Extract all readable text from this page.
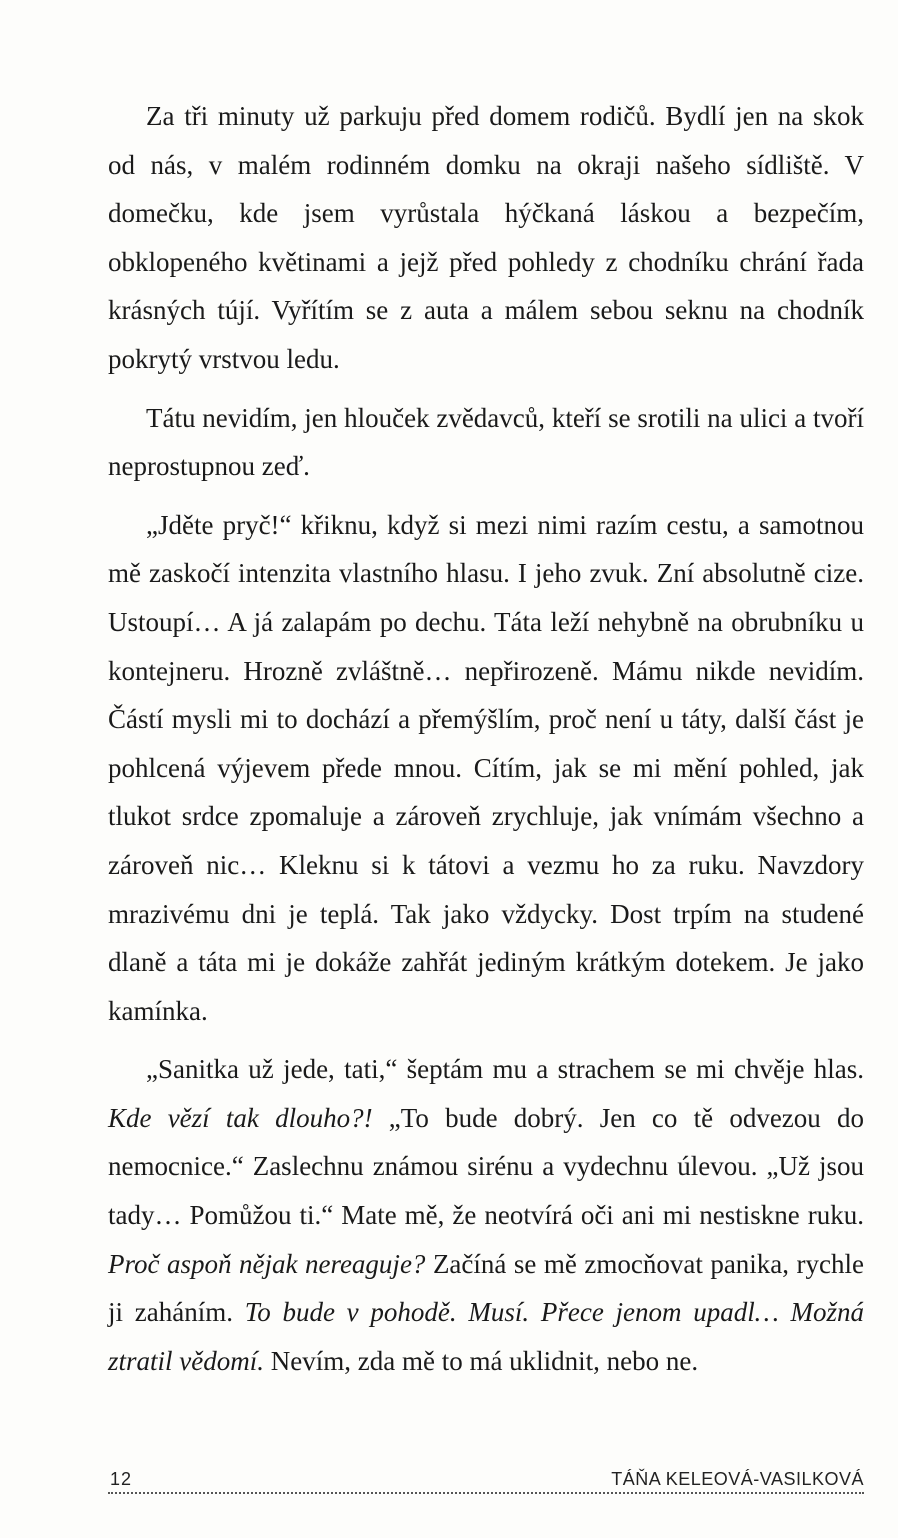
Za tři minuty už parkuju před domem rodičů. Bydlí jen na skok od nás, v malém rodinném domku na okraji našeho sídliště. V domečku, kde jsem vyrůstala hýčkaná láskou a bezpečím, obklopeného květinami a jejž před pohledy z chodníku chrání řada krásných tújí. Vyřítím se z auta a málem sebou seknu na chodník pokrytý vrstvou ledu.

Tátu nevidím, jen hlouček zvědavců, kteří se srotili na ulici a tvoří neprostupnou zeď.

„Jděte pryč!“ křiknu, když si mezi nimi razím cestu, a samotnou mě zaskočí intenzita vlastního hlasu. I jeho zvuk. Zní absolutně cize. Ustoupí… A já zalapám po dechu. Táta leží nehybně na obrubníku u kontejneru. Hrozně zvláštně… nepřirozeně. Mámu nikde nevidím. Částí mysli mi to dochází a přemýšlím, proč není u táty, další část je pohlcená výjevem přede mnou. Cítím, jak se mi mění pohled, jak tlukot srdce zpomaluje a zároveň zrychluje, jak vnímám všechno a zároveň nic… Kleknu si k tátovi a vezmu ho za ruku. Navzdory mrazivému dni je teplá. Tak jako vždycky. Dost trpím na studené dlaně a táta mi je dokáže zahřát jediným krátkým dotekem. Je jako kamínka.

„Sanitka už jede, tati,“ šeptám mu a strachem se mi chvěje hlas. Kde vězí tak dlouho?! „To bude dobrý. Jen co tě odvezou do nemocnice.“ Zaslechnu známou sirénu a vydechnu úlevou. „Už jsou tady… Pomůžou ti.“ Mate mě, že neotvírá oči ani mi nestiskne ruku. Proč aspoň nějak nereaguje? Začíná se mě zmocňovat panika, rychle ji zaháním. To bude v pohodě. Musí. Přece jenom upadl… Možná ztratil vědomí. Nevím, zda mě to má uklidnit, nebo ne.

12	TÁŇA KELEOVÁ-VASILKOVÁ
